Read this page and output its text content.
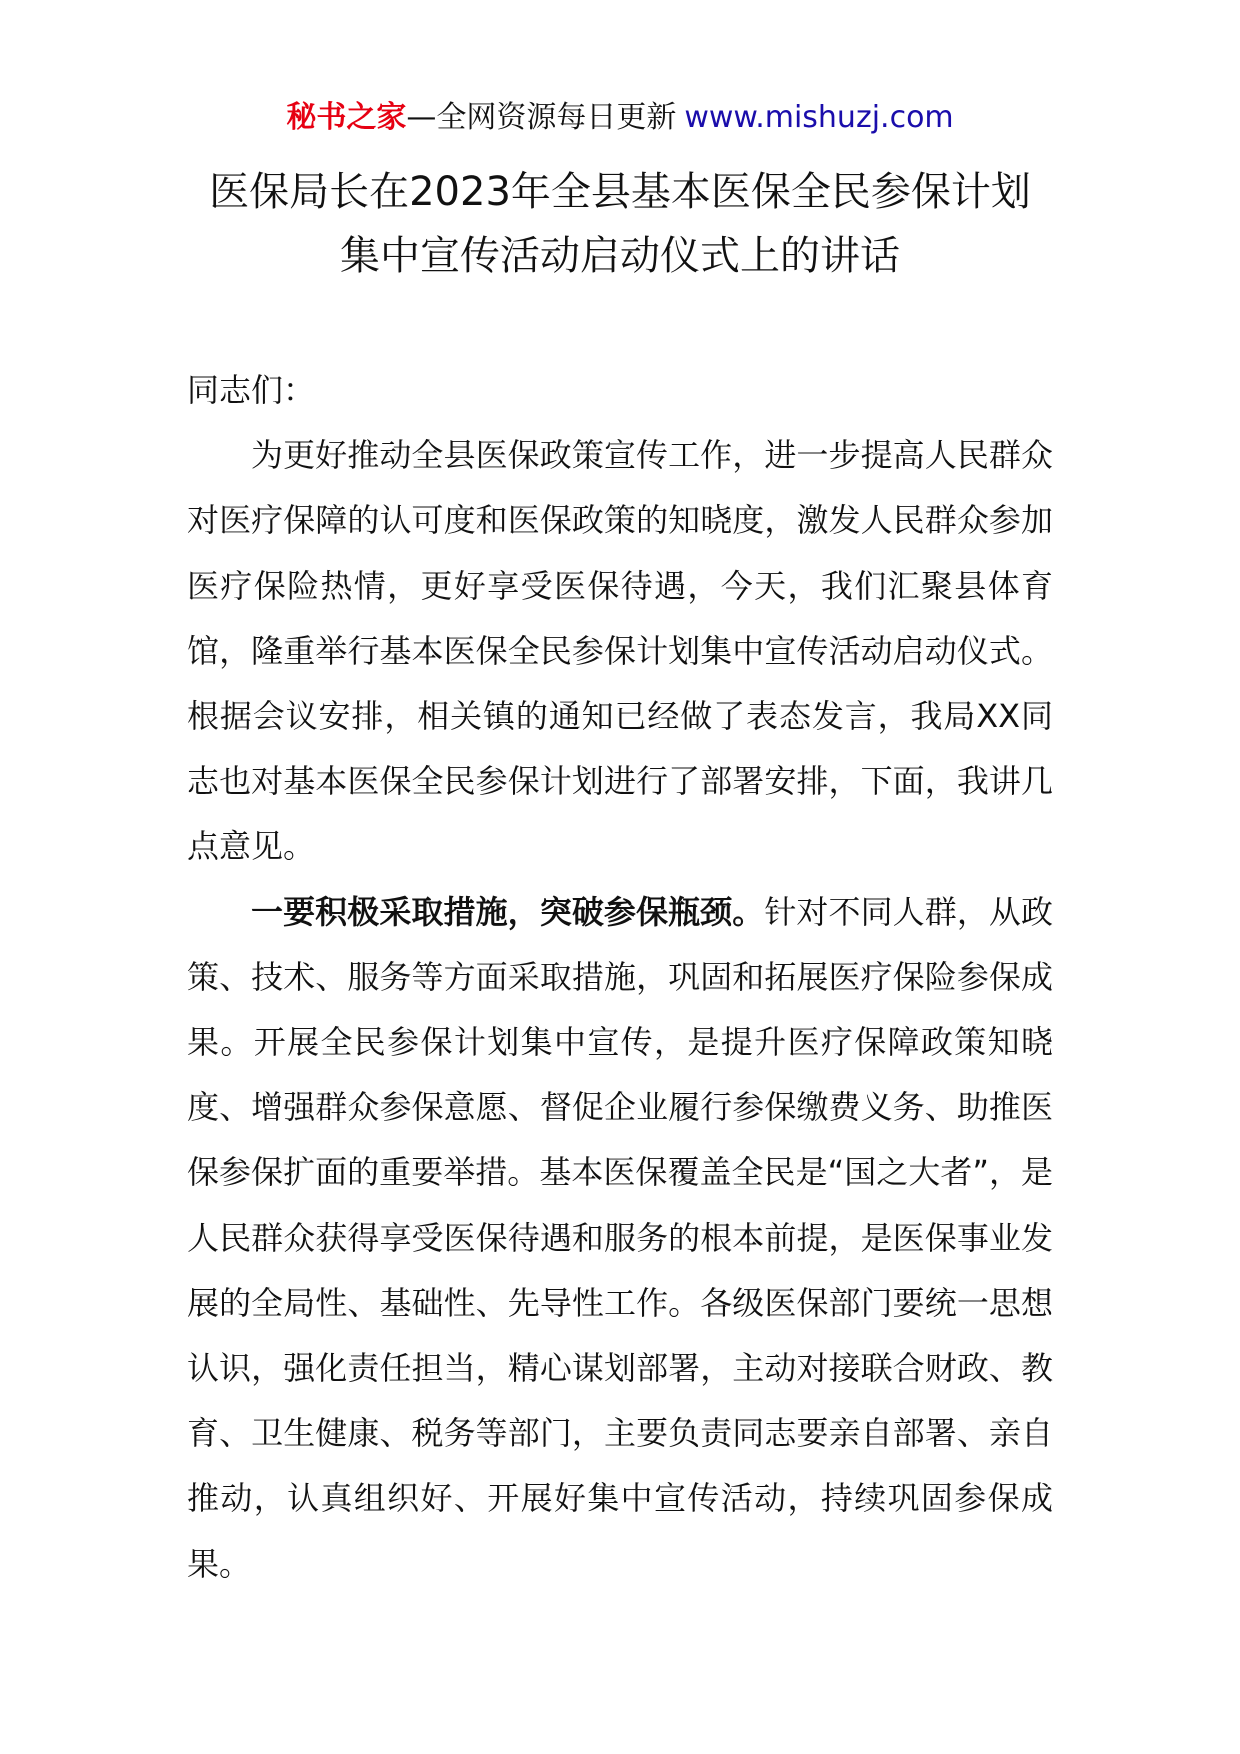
秘书之家—全网资源每日更新 www.mishuzj.com
医保局长在2023年全县基本医保全民参保计划
集中宣传活动启动仪式上的讲话

同志们：

为更好推动全县医保政策宣传工作，进一步提高人民群众对医疗保障的认可度和医保政策的知晓度，激发人民群众参加医疗保险热情，更好享受医保待遇，今天，我们汇聚县体育馆，隆重举行基本医保全民参保计划集中宣传活动启动仪式。根据会议安排，相关镇的通知已经做了表态发言，我局XX同志也对基本医保全民参保计划进行了部署安排，下面，我讲几点意见。

一要积极采取措施，突破参保瓶颈。针对不同人群，从政策、技术、服务等方面采取措施，巩固和拓展医疗保险参保成果。开展全民参保计划集中宣传，是提升医疗保障政策知晓度、增强群众参保意愿、督促企业履行参保缴费义务、助推医保参保扩面的重要举措。基本医保覆盖全民是“国之大者”，是人民群众获得享受医保待遇和服务的根本前提，是医保事业发展的全局性、基础性、先导性工作。各级医保部门要统一思想认识，强化责任担当，精心谋划部署，主动对接联合财政、教育、卫生健康、税务等部门，主要负责同志要亲自部署、亲自推动，认真组织好、开展好集中宣传活动，持续巩固参保成果。
